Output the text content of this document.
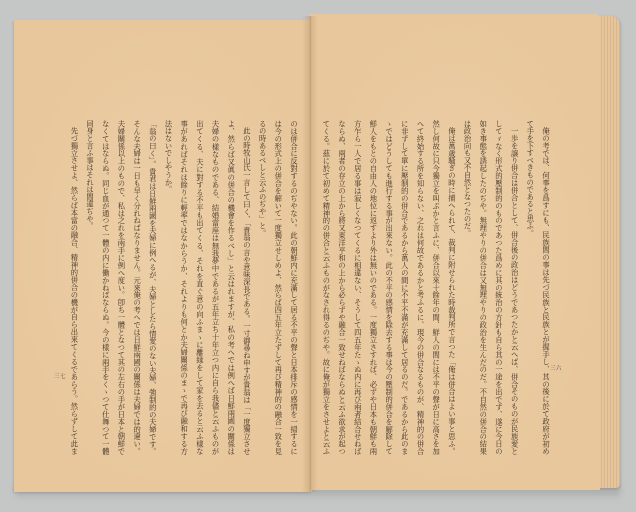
のは併合に反對するのぢやない。此の朝鮮内に充滿して居る不平の聲と日本排斥の感情を一掃するに
は今の形式上の併合を解いて一度獨立せしめよ、然らば四五年立たずして再び精神的の融合一致を見
るの時あるべしと云ふのぢや」と。
此の時牧山氏一言して曰く、「貴翁の言や意味深長である。一寸御尋ね申すが貴翁は「一度獨立させ
よ、然らば又眞の併合の機會を作るべし」と云はれますが、私の考へでは例へば日鮮兩國の關係は
夫婦の樣なものである、結婚當座は無我夢中であるが五年立ち十年立つ内に自ら我儘と云ふものが
出てくる、夫に對する不平も出てくる、それを直ぐ意の向ふまゝに離縁をして家を去ると云ふ樣な
事があればそれは餘りに輕率ではなからうか、それよりも何とか夫婦關係のまゝで再び融和する方
法はないでしやうか。
「翁の曰く」。貴君は日鮮兩國を夫婦に例へるが、夫婦としたら情愛のない夫婦、強制的の夫婦です。
そんな夫婦は一日も早く分れねばなりません。元來俺の考へでは日鮮兩國の關係は夫婦では的違い。
夫婦關係以上のもので、私は之れを兩手に例へ度い。卽ち一體となつて其の左右の手が日本と朝鮮で
なくてはならぬ。同じ血が通つて一體の内に働かねばならぬ。今の樣に兩手をくゝつて仕舞つて一體
同身と言ふ事はそれは間違ぢや。
先づ獨立させよ、然らば本當の融合、精神的併合の機が自ら出來てくるであらう。然らずして此ま
三七	俺の考では、何事を爲すにも、民族間の事は先づ民族と民族とが握手し、其の後に於て政府が初め
て手を下すべきものであると思ふ。
一歩を譲り併合は併合として、併合後の政治はどうであつたかと云へば、併合そのものが民族愛と
してゞなく形式的壓制的のものであつた爲めに其の統治の方針も自ら其の一途を出でず、遂に今日の
如き事態を誘起したのぢや。無理やりの併合は又無理やりの政治を生んだのだ。不自然の併合の結果
は政治向も又不自然となつたのだ。
俺は萬歳騷ぎの時に捕へられて、裁判に附せられた時裁判所で言つた「俺は併合はよい事と思ふ。
然し何故に只今獨立を叫ぶかと言ふに、併合以來十餘年の間、鮮人の間には不平の聲が日に高さを加
へて終始する所を知らない、之れは何故であるかと考ふるに、現今の併合なるものが、精神的の併合
に非ずして單に壓制的の併合であるから萬人の間に不平不滿が充滿して居るのだ。であるから此のま
ゝではどうしても進行する事が出來ない。此の不平の感情を除去する事は今の壓制的併合を解除して
鮮人をもとの自由人の地位に返すより外は無いのである。一度獨立さすれば、必ずや日本も朝鮮も兩
方乍ら一人で居る事は寂しくなつてくるに相違ない、そうして四五年たゝぬ内に再び兩者結合せねば
ならぬ、兩者の存立の上から將又東洋平和の上から必らずや融合一致せねばならぬと云ふ欲求が起つ
てくる。茲に於て初めて精神的の併合と云ふものがなされ得るのぢや。故に俺が獨立をさせよと云ふ	三六
